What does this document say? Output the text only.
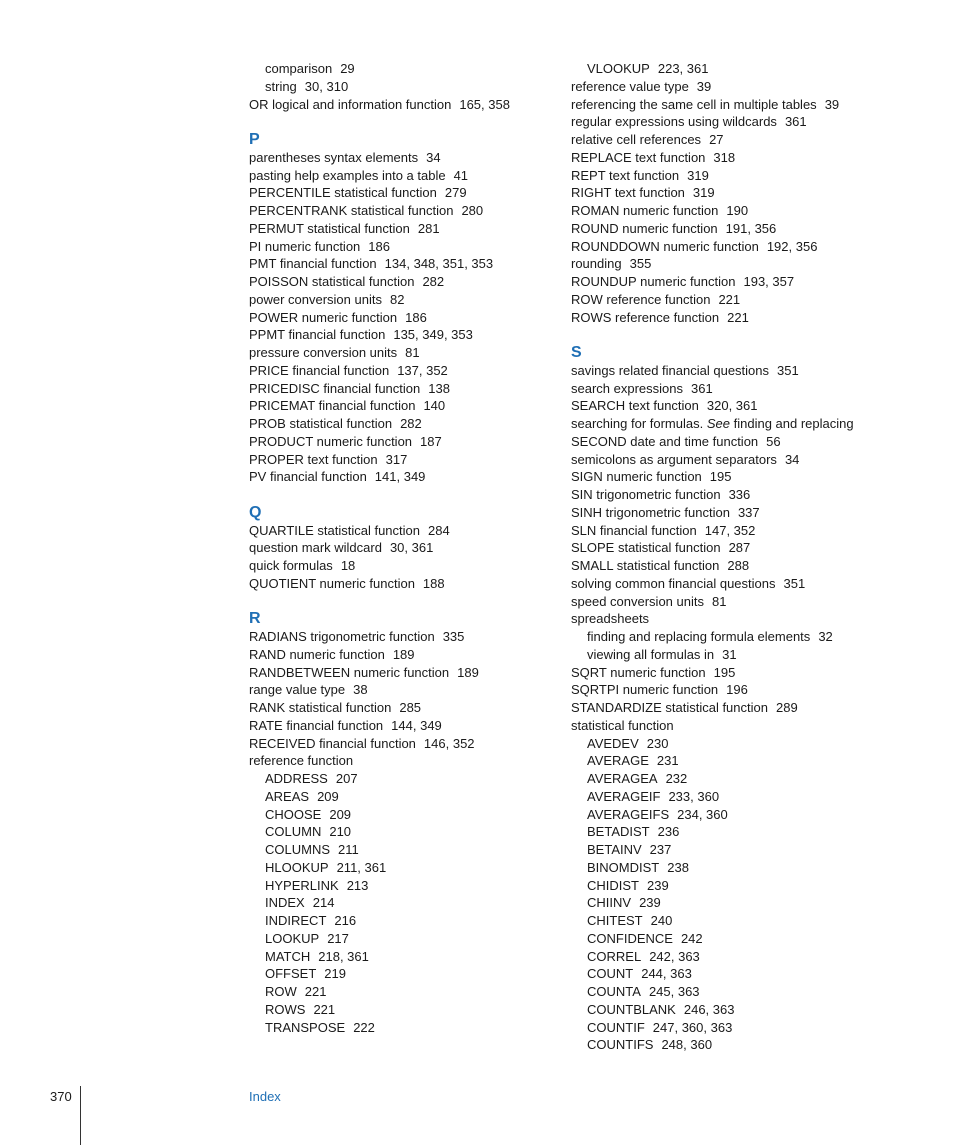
comparison 29
string 30, 310
OR logical and information function 165, 358
P
parentheses syntax elements 34
pasting help examples into a table 41
PERCENTILE statistical function 279
PERCENTRANK statistical function 280
PERMUT statistical function 281
PI numeric function 186
PMT financial function 134, 348, 351, 353
POISSON statistical function 282
power conversion units 82
POWER numeric function 186
PPMT financial function 135, 349, 353
pressure conversion units 81
PRICE financial function 137, 352
PRICEDISC financial function 138
PRICEMAT financial function 140
PROB statistical function 282
PRODUCT numeric function 187
PROPER text function 317
PV financial function 141, 349
Q
QUARTILE statistical function 284
question mark wildcard 30, 361
quick formulas 18
QUOTIENT numeric function 188
R
RADIANS trigonometric function 335
RAND numeric function 189
RANDBETWEEN numeric function 189
range value type 38
RANK statistical function 285
RATE financial function 144, 349
RECEIVED financial function 146, 352
reference function
ADDRESS 207
AREAS 209
CHOOSE 209
COLUMN 210
COLUMNS 211
HLOOKUP 211, 361
HYPERLINK 213
INDEX 214
INDIRECT 216
LOOKUP 217
MATCH 218, 361
OFFSET 219
ROW 221
ROWS 221
TRANSPOSE 222
VLOOKUP 223, 361
reference value type 39
referencing the same cell in multiple tables 39
regular expressions using wildcards 361
relative cell references 27
REPLACE text function 318
REPT text function 319
RIGHT text function 319
ROMAN numeric function 190
ROUND numeric function 191, 356
ROUNDDOWN numeric function 192, 356
rounding 355
ROUNDUP numeric function 193, 357
ROW reference function 221
ROWS reference function 221
S
savings related financial questions 351
search expressions 361
SEARCH text function 320, 361
searching for formulas. See finding and replacing
SECOND date and time function 56
semicolons as argument separators 34
SIGN numeric function 195
SIN trigonometric function 336
SINH trigonometric function 337
SLN financial function 147, 352
SLOPE statistical function 287
SMALL statistical function 288
solving common financial questions 351
speed conversion units 81
spreadsheets
finding and replacing formula elements 32
viewing all formulas in 31
SQRT numeric function 195
SQRTPI numeric function 196
STANDARDIZE statistical function 289
statistical function
AVEDEV 230
AVERAGE 231
AVERAGEA 232
AVERAGEIF 233, 360
AVERAGEIFS 234, 360
BETADIST 236
BETAINV 237
BINOMDIST 238
CHIDIST 239
CHIINV 239
CHITEST 240
CONFIDENCE 242
CORREL 242, 363
COUNT 244, 363
COUNTA 245, 363
COUNTBLANK 246, 363
COUNTIF 247, 360, 363
COUNTIFS 248, 360
370	Index
